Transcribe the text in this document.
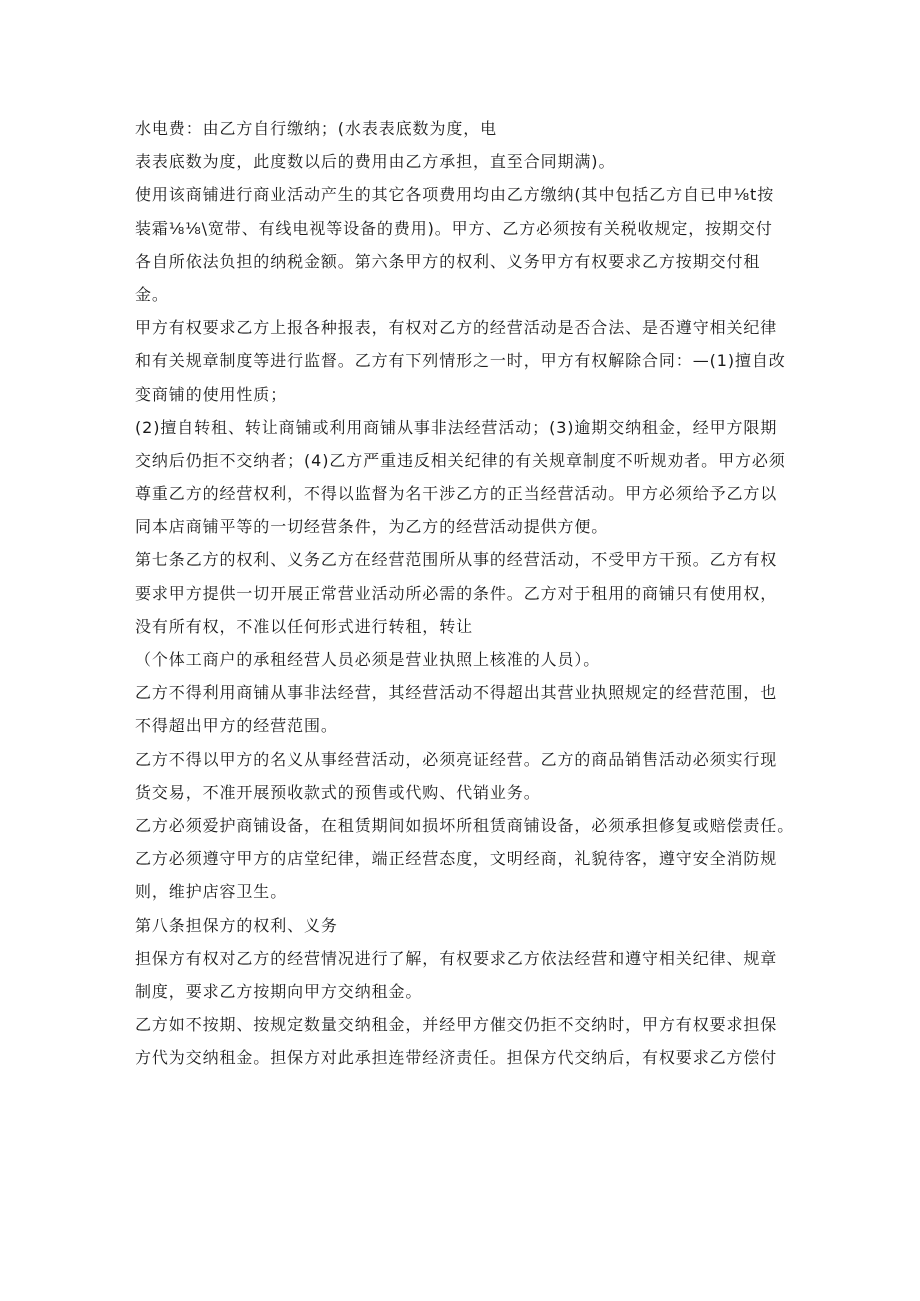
水电费：由乙方自行缴纳；(水表表底数为度，电
表表底数为度，此度数以后的费用由乙方承担，直至合同期满)。
使用该商铺进行商业活动产生的其它各项费用均由乙方缴纳(其中包括乙方自已申⅛t按
装霜⅛⅛\宽带、有线电视等设备的费用)。甲方、乙方必须按有关税收规定，按期交付
各自所依法负担的纳税金额。第六条甲方的权利、义务甲方有权要求乙方按期交付租
金。
甲方有权要求乙方上报各种报表，有权对乙方的经营活动是否合法、是否遵守相关纪律
和有关规章制度等进行监督。乙方有下列情形之一时，甲方有权解除合同：—(1)擅自改
变商铺的使用性质；
(2)擅自转租、转让商铺或利用商铺从事非法经营活动；(3)逾期交纳租金，经甲方限期
交纳后仍拒不交纳者；(4)乙方严重违反相关纪律的有关规章制度不听规劝者。甲方必须
尊重乙方的经营权利，不得以监督为名干涉乙方的正当经营活动。甲方必须给予乙方以
同本店商铺平等的一切经营条件，为乙方的经营活动提供方便。
第七条乙方的权利、义务乙方在经营范围所从事的经营活动，不受甲方干预。乙方有权
要求甲方提供一切开展正常营业活动所必需的条件。乙方对于租用的商铺只有使用权，
没有所有权，不准以任何形式进行转租，转让
（个体工商户的承租经营人员必须是营业执照上核准的人员）。
乙方不得利用商铺从事非法经营，其经营活动不得超出其营业执照规定的经营范围，也
不得超出甲方的经营范围。
乙方不得以甲方的名义从事经营活动，必须亮证经营。乙方的商品销售活动必须实行现
货交易，不准开展预收款式的预售或代购、代销业务。
乙方必须爱护商铺设备，在租赁期间如损坏所租赁商铺设备，必须承担修复或赔偿责任。
乙方必须遵守甲方的店堂纪律，端正经营态度，文明经商，礼貌待客，遵守安全消防规
则，维护店容卫生。
第八条担保方的权利、义务
担保方有权对乙方的经营情况进行了解，有权要求乙方依法经营和遵守相关纪律、规章
制度，要求乙方按期向甲方交纳租金。
乙方如不按期、按规定数量交纳租金，并经甲方催交仍拒不交纳时，甲方有权要求担保
方代为交纳租金。担保方对此承担连带经济责任。担保方代交纳后，有权要求乙方偿付
